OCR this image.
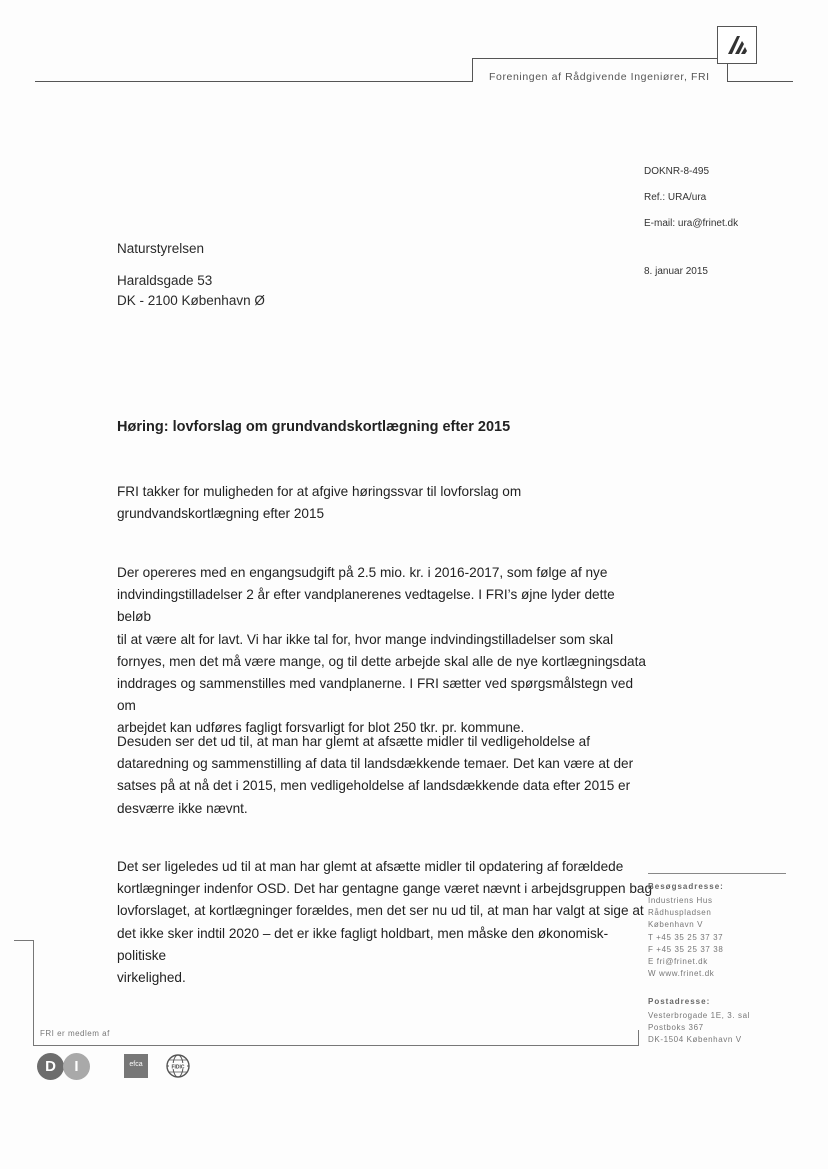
Foreningen af Rådgivende Ingeniører, FRI
DOKNR-8-495
Ref.: URA/ura
E-mail: ura@frinet.dk
8. januar 2015
Naturstyrelsen
Haraldsgade 53
DK - 2100 København Ø
Høring: lovforslag om grundvandskortlægning efter 2015
FRI takker for muligheden for at afgive høringssvar til lovforslag om
grundvandskortlægning efter 2015
Der opereres med en engangsudgift på 2.5 mio. kr. i 2016-2017, som følge af nye
indvindingstilladelser 2 år efter vandplanerenes vedtagelse. I FRI’s øjne lyder dette beløb
til at være alt for lavt. Vi har ikke tal for, hvor mange indvindingstilladelser som skal
fornyes, men det må være mange, og til dette arbejde skal alle de nye kortlægningsdata
inddrages og sammenstilles med vandplanerne. I FRI sætter ved spørgsmålstegn ved om
arbejdet kan udføres fagligt forsvarligt for blot 250 tkr. pr. kommune.
Desuden ser det ud til, at man har glemt at afsætte midler til vedligeholdelse af
dataredning og sammenstilling af data til landsdækkende temaer. Det kan være at der
satses på at nå det i 2015, men vedligeholdelse af landsdækkende data efter 2015 er
desværre ikke nævnt.
Det ser ligeledes ud til at man har glemt at afsætte midler til opdatering af forældede
kortlægninger indenfor OSD. Det har gentagne gange været nævnt i arbejdsgruppen bag
lovforslaget, at kortlægninger forældes, men det ser nu ud til, at man har valgt at sige at
det ikke sker indtil 2020 – det er ikke fagligt holdbart, men måske den økonomisk-politiske
virkelighed.
Besøgsadresse:
Industriens Hus
Rådhuspladsen
København V
T +45 35 25 37 37
F +45 35 25 37 38
E fri@frinet.dk
W www.frinet.dk
Postadresse:
Vesterbrogade 1E, 3. sal
Postboks 367
DK-1504 København V
FRI er medlem af
D	I	efca	FIDIC
